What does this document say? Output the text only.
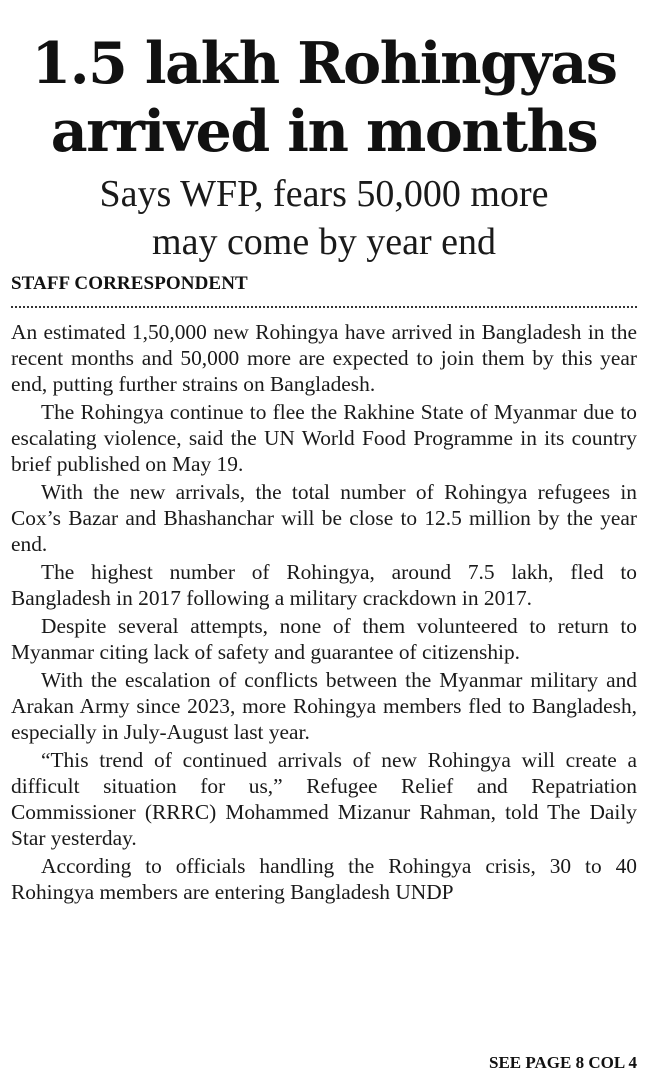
1.5 lakh Rohingyas
arrived in months
Says WFP, fears 50,000 more
may come by year end
STAFF CORRESPONDENT

An estimated 1,50,000 new Rohingya have arrived in Bangladesh in the recent months and 50,000 more are expected to join them by this year end, putting further strains on Bangladesh.

The Rohingya continue to flee the Rakhine State of Myanmar due to escalating violence, said the UN World Food Programme in its country brief published on May 19.

With the new arrivals, the total number of Rohingya refugees in Cox’s Bazar and Bhashanchar will be close to 12.5 million by the year end.

The highest number of Rohingya, around 7.5 lakh, fled to Bangladesh in 2017 following a military crackdown in 2017.

Despite several attempts, none of them volunteered to return to Myanmar citing lack of safety and guarantee of citizenship.

With the escalation of conflicts between the Myanmar military and Arakan Army since 2023, more Rohingya members fled to Bangladesh, especially in July-August last year.

“This trend of continued arrivals of new Rohingya will create a difficult situation for us,” Refugee Relief and Repatriation Commissioner (RRRC) Mohammed Mizanur Rahman, told The Daily Star yesterday.

According to officials handling the Rohingya crisis, 30 to 40 Rohingya members are entering Bangladesh UNDP

SEE PAGE 8 COL 4
